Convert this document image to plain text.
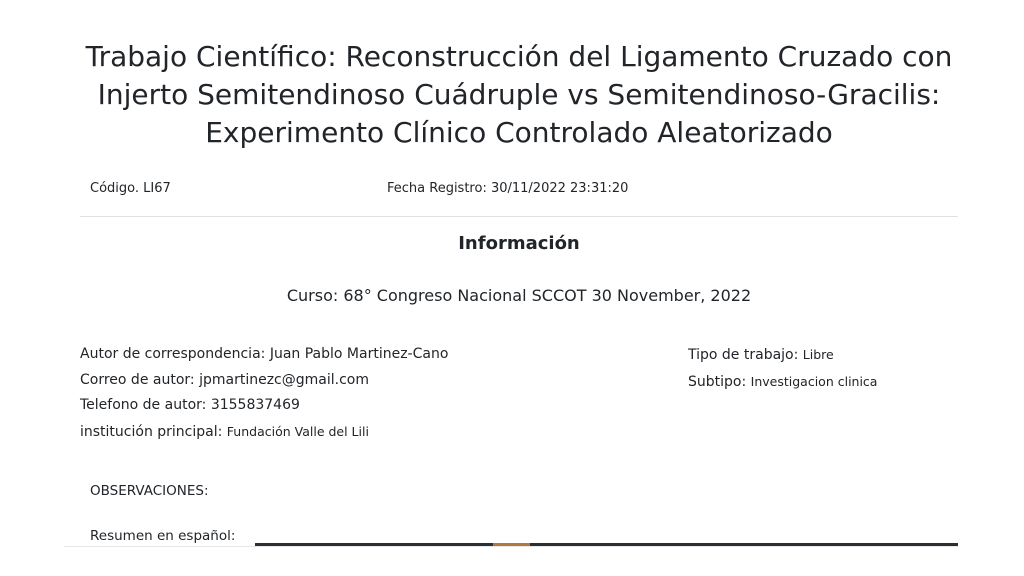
Trabajo Científico: Reconstrucción del Ligamento Cruzado con Injerto Semitendinoso Cuádruple vs Semitendinoso-Gracilis: Experimento Clínico Controlado Aleatorizado
Código. LI67	Fecha Registro: 30/11/2022 23:31:20
Información
Curso: 68° Congreso Nacional SCCOT 30 November, 2022
Autor de correspondencia: Juan Pablo Martinez-Cano
Correo de autor: jpmartinezc@gmail.com
Telefono de autor: 3155837469
institución principal: Fundación Valle del Lili
Tipo de trabajo: Libre
Subtipo: Investigacion clinica
OBSERVACIONES:
Resumen en español:
